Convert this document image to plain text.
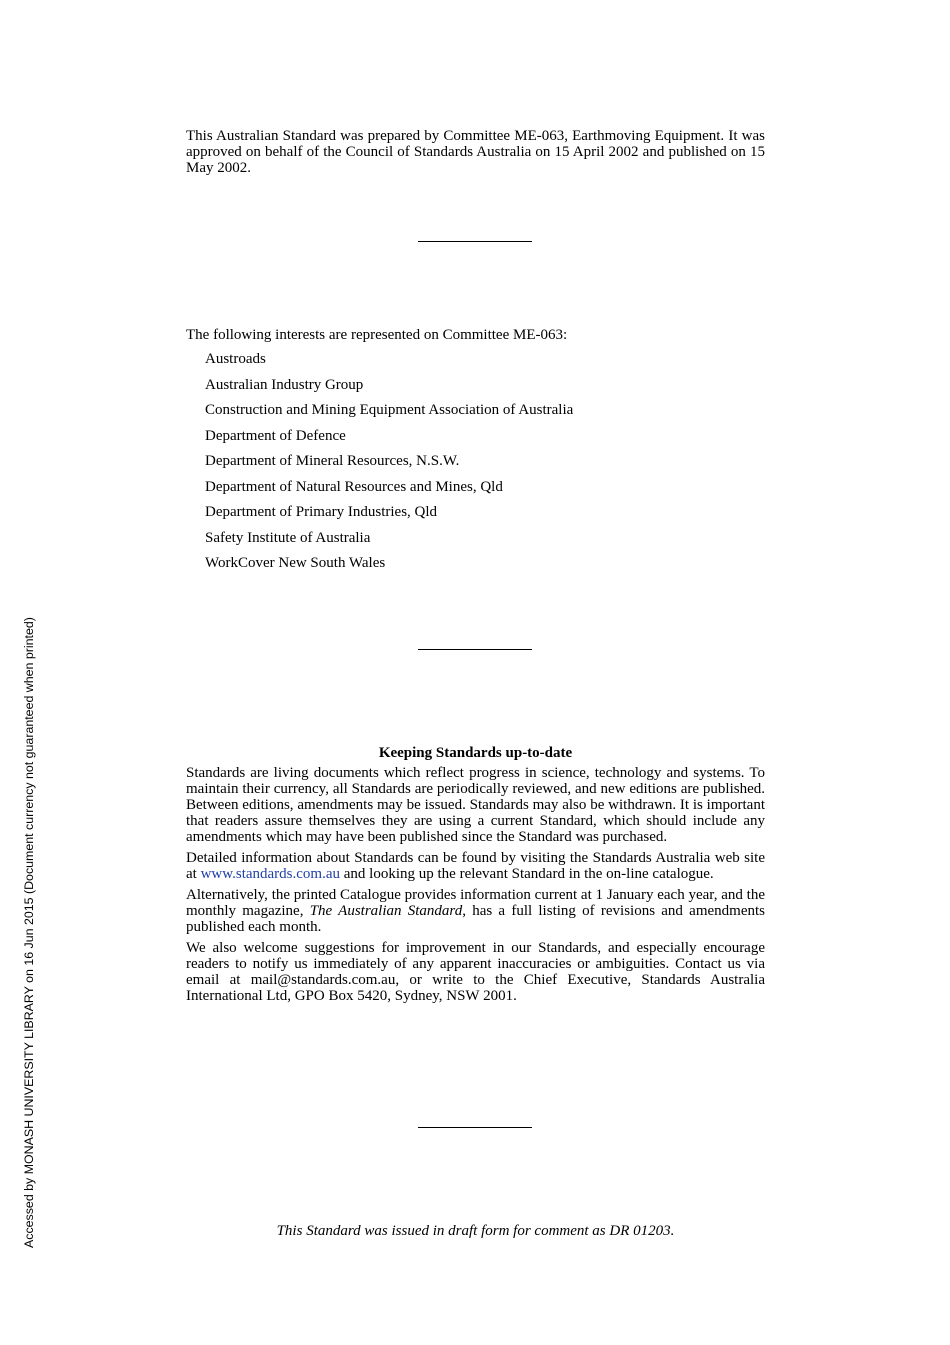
Accessed by MONASH UNIVERSITY LIBRARY on 16 Jun 2015 (Document currency not guaranteed when printed)
This Australian Standard was prepared by Committee ME-063, Earthmoving Equipment. It was approved on behalf of the Council of Standards Australia on 15 April 2002 and published on 15 May 2002.
The following interests are represented on Committee ME-063:
Austroads
Australian Industry Group
Construction and Mining Equipment Association of Australia
Department of Defence
Department of Mineral Resources, N.S.W.
Department of Natural Resources and Mines, Qld
Department of Primary Industries, Qld
Safety Institute of Australia
WorkCover New South Wales
Keeping Standards up-to-date

Standards are living documents which reflect progress in science, technology and systems. To maintain their currency, all Standards are periodically reviewed, and new editions are published. Between editions, amendments may be issued. Standards may also be withdrawn. It is important that readers assure themselves they are using a current Standard, which should include any amendments which may have been published since the Standard was purchased.

Detailed information about Standards can be found by visiting the Standards Australia web site at www.standards.com.au and looking up the relevant Standard in the on-line catalogue.

Alternatively, the printed Catalogue provides information current at 1 January each year, and the monthly magazine, The Australian Standard, has a full listing of revisions and amendments published each month.

We also welcome suggestions for improvement in our Standards, and especially encourage readers to notify us immediately of any apparent inaccuracies or ambiguities. Contact us via email at mail@standards.com.au, or write to the Chief Executive, Standards Australia International Ltd, GPO Box 5420, Sydney, NSW 2001.

This Standard was issued in draft form for comment as DR 01203.
